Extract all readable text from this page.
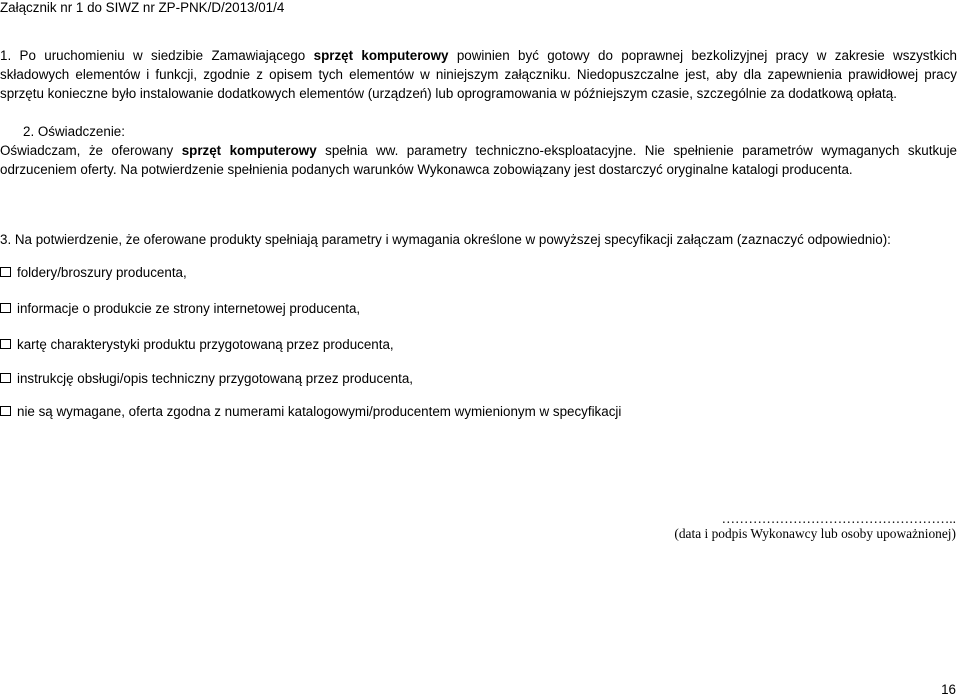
Załącznik nr 1 do SIWZ nr ZP-PNK/D/2013/01/4
1. Po uruchomieniu w siedzibie Zamawiającego sprzęt komputerowy powinien być gotowy do poprawnej bezkolizyjnej pracy w zakresie wszystkich
składowych elementów i funkcji, zgodnie z opisem tych elementów w niniejszym załączniku. Niedopuszczalne jest, aby dla zapewnienia prawidłowej pracy
sprzętu konieczne było instalowanie dodatkowych elementów (urządzeń) lub oprogramowania w późniejszym czasie, szczególnie za dodatkową opłatą.
2. Oświadczenie:
Oświadczam, że oferowany sprzęt komputerowy spełnia ww. parametry techniczno-eksploatacyjne. Nie spełnienie parametrów wymaganych skutkuje
odrzuceniem oferty. Na potwierdzenie spełnienia podanych warunków Wykonawca zobowiązany jest dostarczyć oryginalne katalogi producenta.
3. Na potwierdzenie, że oferowane produkty spełniają parametry i wymagania określone w powyższej specyfikacji załączam (zaznaczyć odpowiednio):
foldery/broszury producenta,
informacje o produkcie ze strony internetowej producenta,
kartę charakterystyki produktu przygotowaną przez producenta,
instrukcję obsługi/opis techniczny przygotowaną przez producenta,
nie są wymagane, oferta zgodna z numerami katalogowymi/producentem wymienionym w specyfikacji
……………………………………………..
(data i podpis Wykonawcy lub osoby upoważnionej)
16
